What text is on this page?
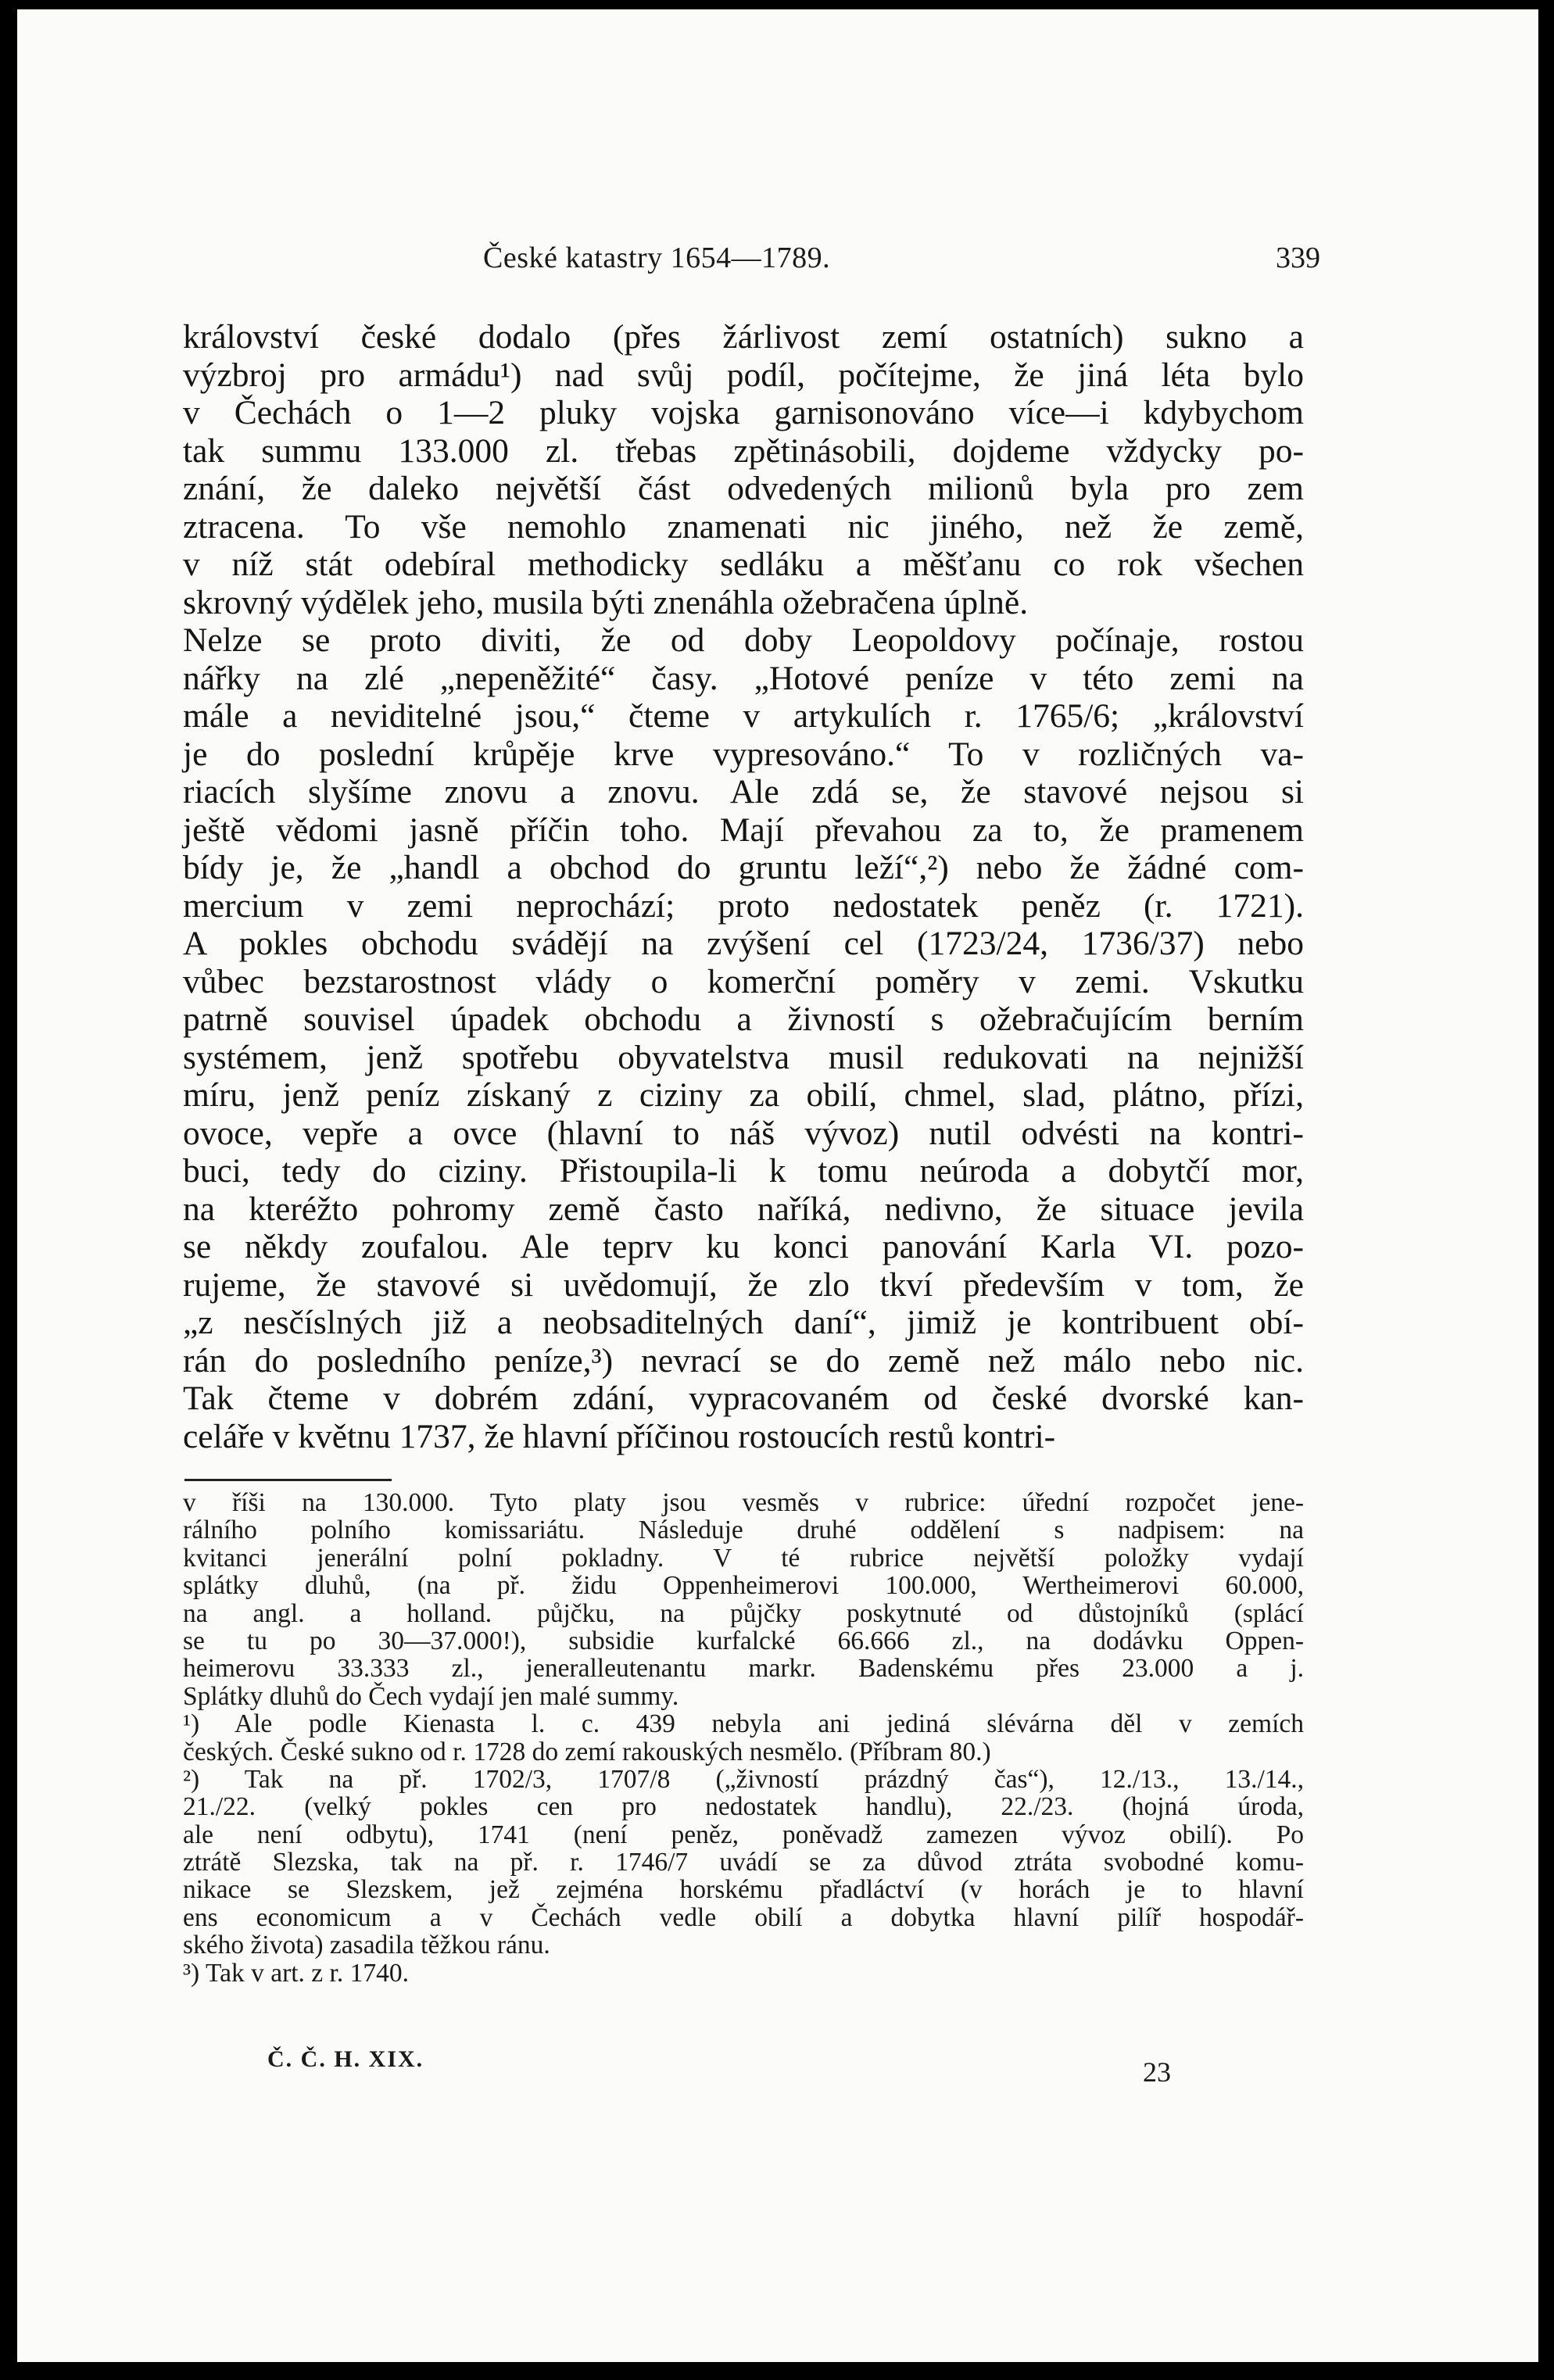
České katastry 1654—1789.	339
království české dodalo (přes žárlivost zemí ostatních) sukno a
výzbroj pro armádu¹) nad svůj podíl, počítejme, že jiná léta bylo
v Čechách o 1—2 pluky vojska garnisonováno více—i kdybychom
tak summu 133.000 zl. třebas zpětinásobili, dojdeme vždycky po-
znání, že daleko největší část odvedených milionů byla pro zem
ztracena. To vše nemohlo znamenati nic jiného, než že země,
v níž stát odebíral methodicky sedláku a měšťanu co rok všechen
skrovný výdělek jeho, musila býti znenáhla ožebračena úplně.
Nelze se proto diviti, že od doby Leopoldovy počínaje, rostou
nářky na zlé „nepeněžité“ časy. „Hotové peníze v této zemi na
mále a neviditelné jsou,“ čteme v artykulích r. 1765/6; „království
je do poslední krůpěje krve vypresováno.“ To v rozličných va-
riacích slyšíme znovu a znovu. Ale zdá se, že stavové nejsou si
ještě vědomi jasně příčin toho. Mají převahou za to, že pramenem
bídy je, že „handl a obchod do gruntu leží“,²) nebo že žádné com-
mercium v zemi neprochází; proto nedostatek peněz (r. 1721).
A pokles obchodu svádějí na zvýšení cel (1723/24, 1736/37) nebo
vůbec bezstarostnost vlády o komerční poměry v zemi. Vskutku
patrně souvisel úpadek obchodu a živností s ožebračujícím berním
systémem, jenž spotřebu obyvatelstva musil redukovati na nejnižší
míru, jenž peníz získaný z ciziny za obilí, chmel, slad, plátno, přízi,
ovoce, vepře a ovce (hlavní to náš vývoz) nutil odvésti na kontri-
buci, tedy do ciziny. Přistoupila-li k tomu neúroda a dobytčí mor,
na kteréžto pohromy země často naříká, nedivno, že situace jevila
se někdy zoufalou. Ale teprv ku konci panování Karla VI. pozo-
rujeme, že stavové si uvědomují, že zlo tkví především v tom, že
„z nesčíslných již a neobsaditelných daní“, jimiž je kontribuent obí-
rán do posledního peníze,³) nevrací se do země než málo nebo nic.
Tak čteme v dobrém zdání, vypracovaném od české dvorské kan-
celáře v květnu 1737, že hlavní příčinou rostoucích restů kontri-
v říši na 130.000. Tyto platy jsou vesměs v rubrice: úřední rozpočet jene-
rálního polního komissariátu. Následuje druhé oddělení s nadpisem: na
kvitanci jenerální polní pokladny. V té rubrice největší položky vydají
splátky dluhů, (na př. židu Oppenheimerovi 100.000, Wertheimerovi 60.000,
na angl. a holland. půjčku, na půjčky poskytnuté od důstojníků (splácí
se tu po 30—37.000!), subsidie kurfalcké 66.666 zl., na dodávku Oppen-
heimerovu 33.333 zl., jeneralleutenantu markr. Badenskému přes 23.000 a j.
Splátky dluhů do Čech vydají jen malé summy.
¹) Ale podle Kienasta l. c. 439 nebyla ani jediná slévárna děl v zemích
českých. České sukno od r. 1728 do zemí rakouských nesmělo. (Příbram 80.)
²) Tak na př. 1702/3, 1707/8 („živností prázdný čas“), 12./13., 13./14.,
21./22. (velký pokles cen pro nedostatek handlu), 22./23. (hojná úroda,
ale není odbytu), 1741 (není peněz, poněvadž zamezen vývoz obilí). Po
ztrátě Slezska, tak na př. r. 1746/7 uvádí se za důvod ztráta svobodné komu-
nikace se Slezskem, jež zejména horskému přadláctví (v horách je to hlavní
ens economicum a v Čechách vedle obilí a dobytka hlavní pilíř hospodář-
ského života) zasadila těžkou ránu.
³) Tak v art. z r. 1740.
Č. Č. H. XIX.	23
